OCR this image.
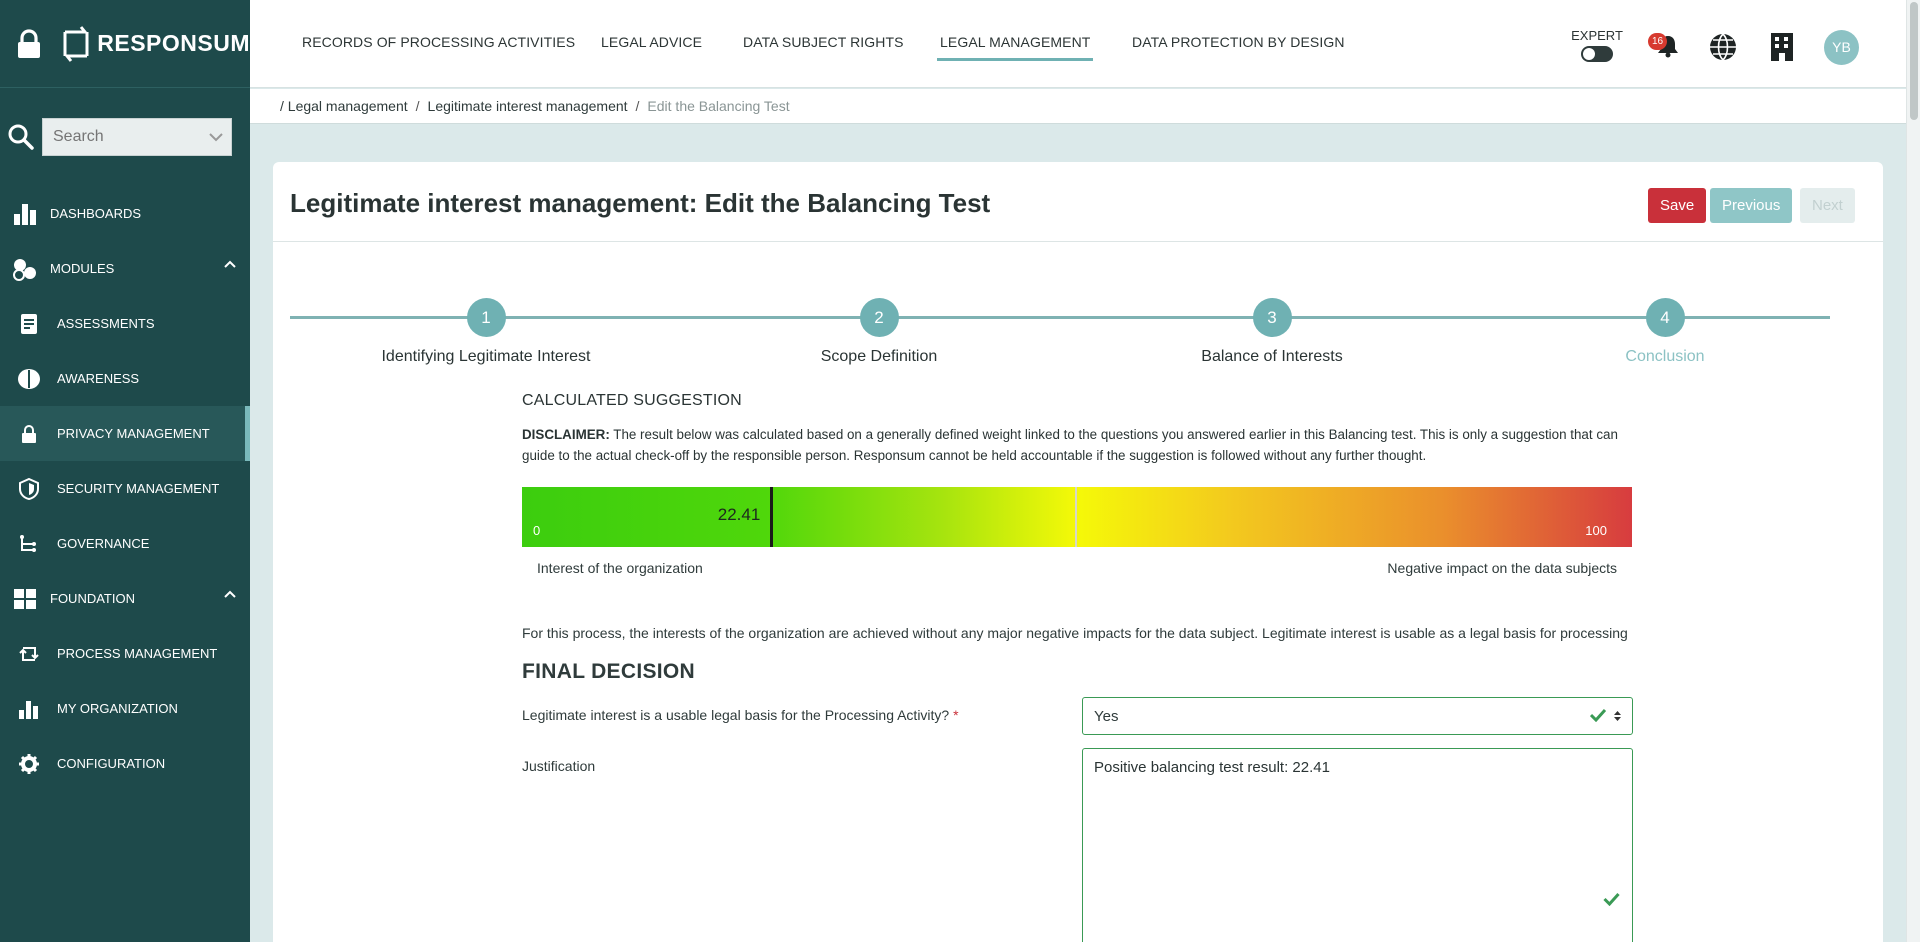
RESPONSUM
Search
DASHBOARDS
MODULES
ASSESSMENTS
AWARENESS
PRIVACY MANAGEMENT
SECURITY MANAGEMENT
GOVERNANCE
FOUNDATION
PROCESS MANAGEMENT
MY ORGANIZATION
CONFIGURATION
RECORDS OF PROCESSING ACTIVITIES LEGAL ADVICE	DATA SUBJECT RIGHTS	LEGAL MANAGEMENT	DATA PROTECTION BY DESIGN	EXPERT	16	YB
/ Legal management / Legitimate interest management / Edit the Balancing Test
Legitimate interest management: Edit the Balancing Test	Save	Previous	Next
1
Identifying Legitimate Interest
2
Scope Definition
3
Balance of Interests
4
Conclusion
CALCULATED SUGGESTION

DISCLAIMER: The result below was calculated based on a generally defined weight linked to the questions you answered earlier in this Balancing test. This is only a suggestion that can guide to the actual check-off by the responsible person. Responsum cannot be held accountable if the suggestion is followed without any further thought.

22.41
0	100
Interest of the organization	Negative impact on the data subjects

For this process, the interests of the organization are achieved without any major negative impacts for the data subject. Legitimate interest is usable as a legal basis for processing

FINAL DECISION
Legitimate interest is a usable legal basis for the Processing Activity? *	Yes
Justification
Positive balancing test result: 22.41
